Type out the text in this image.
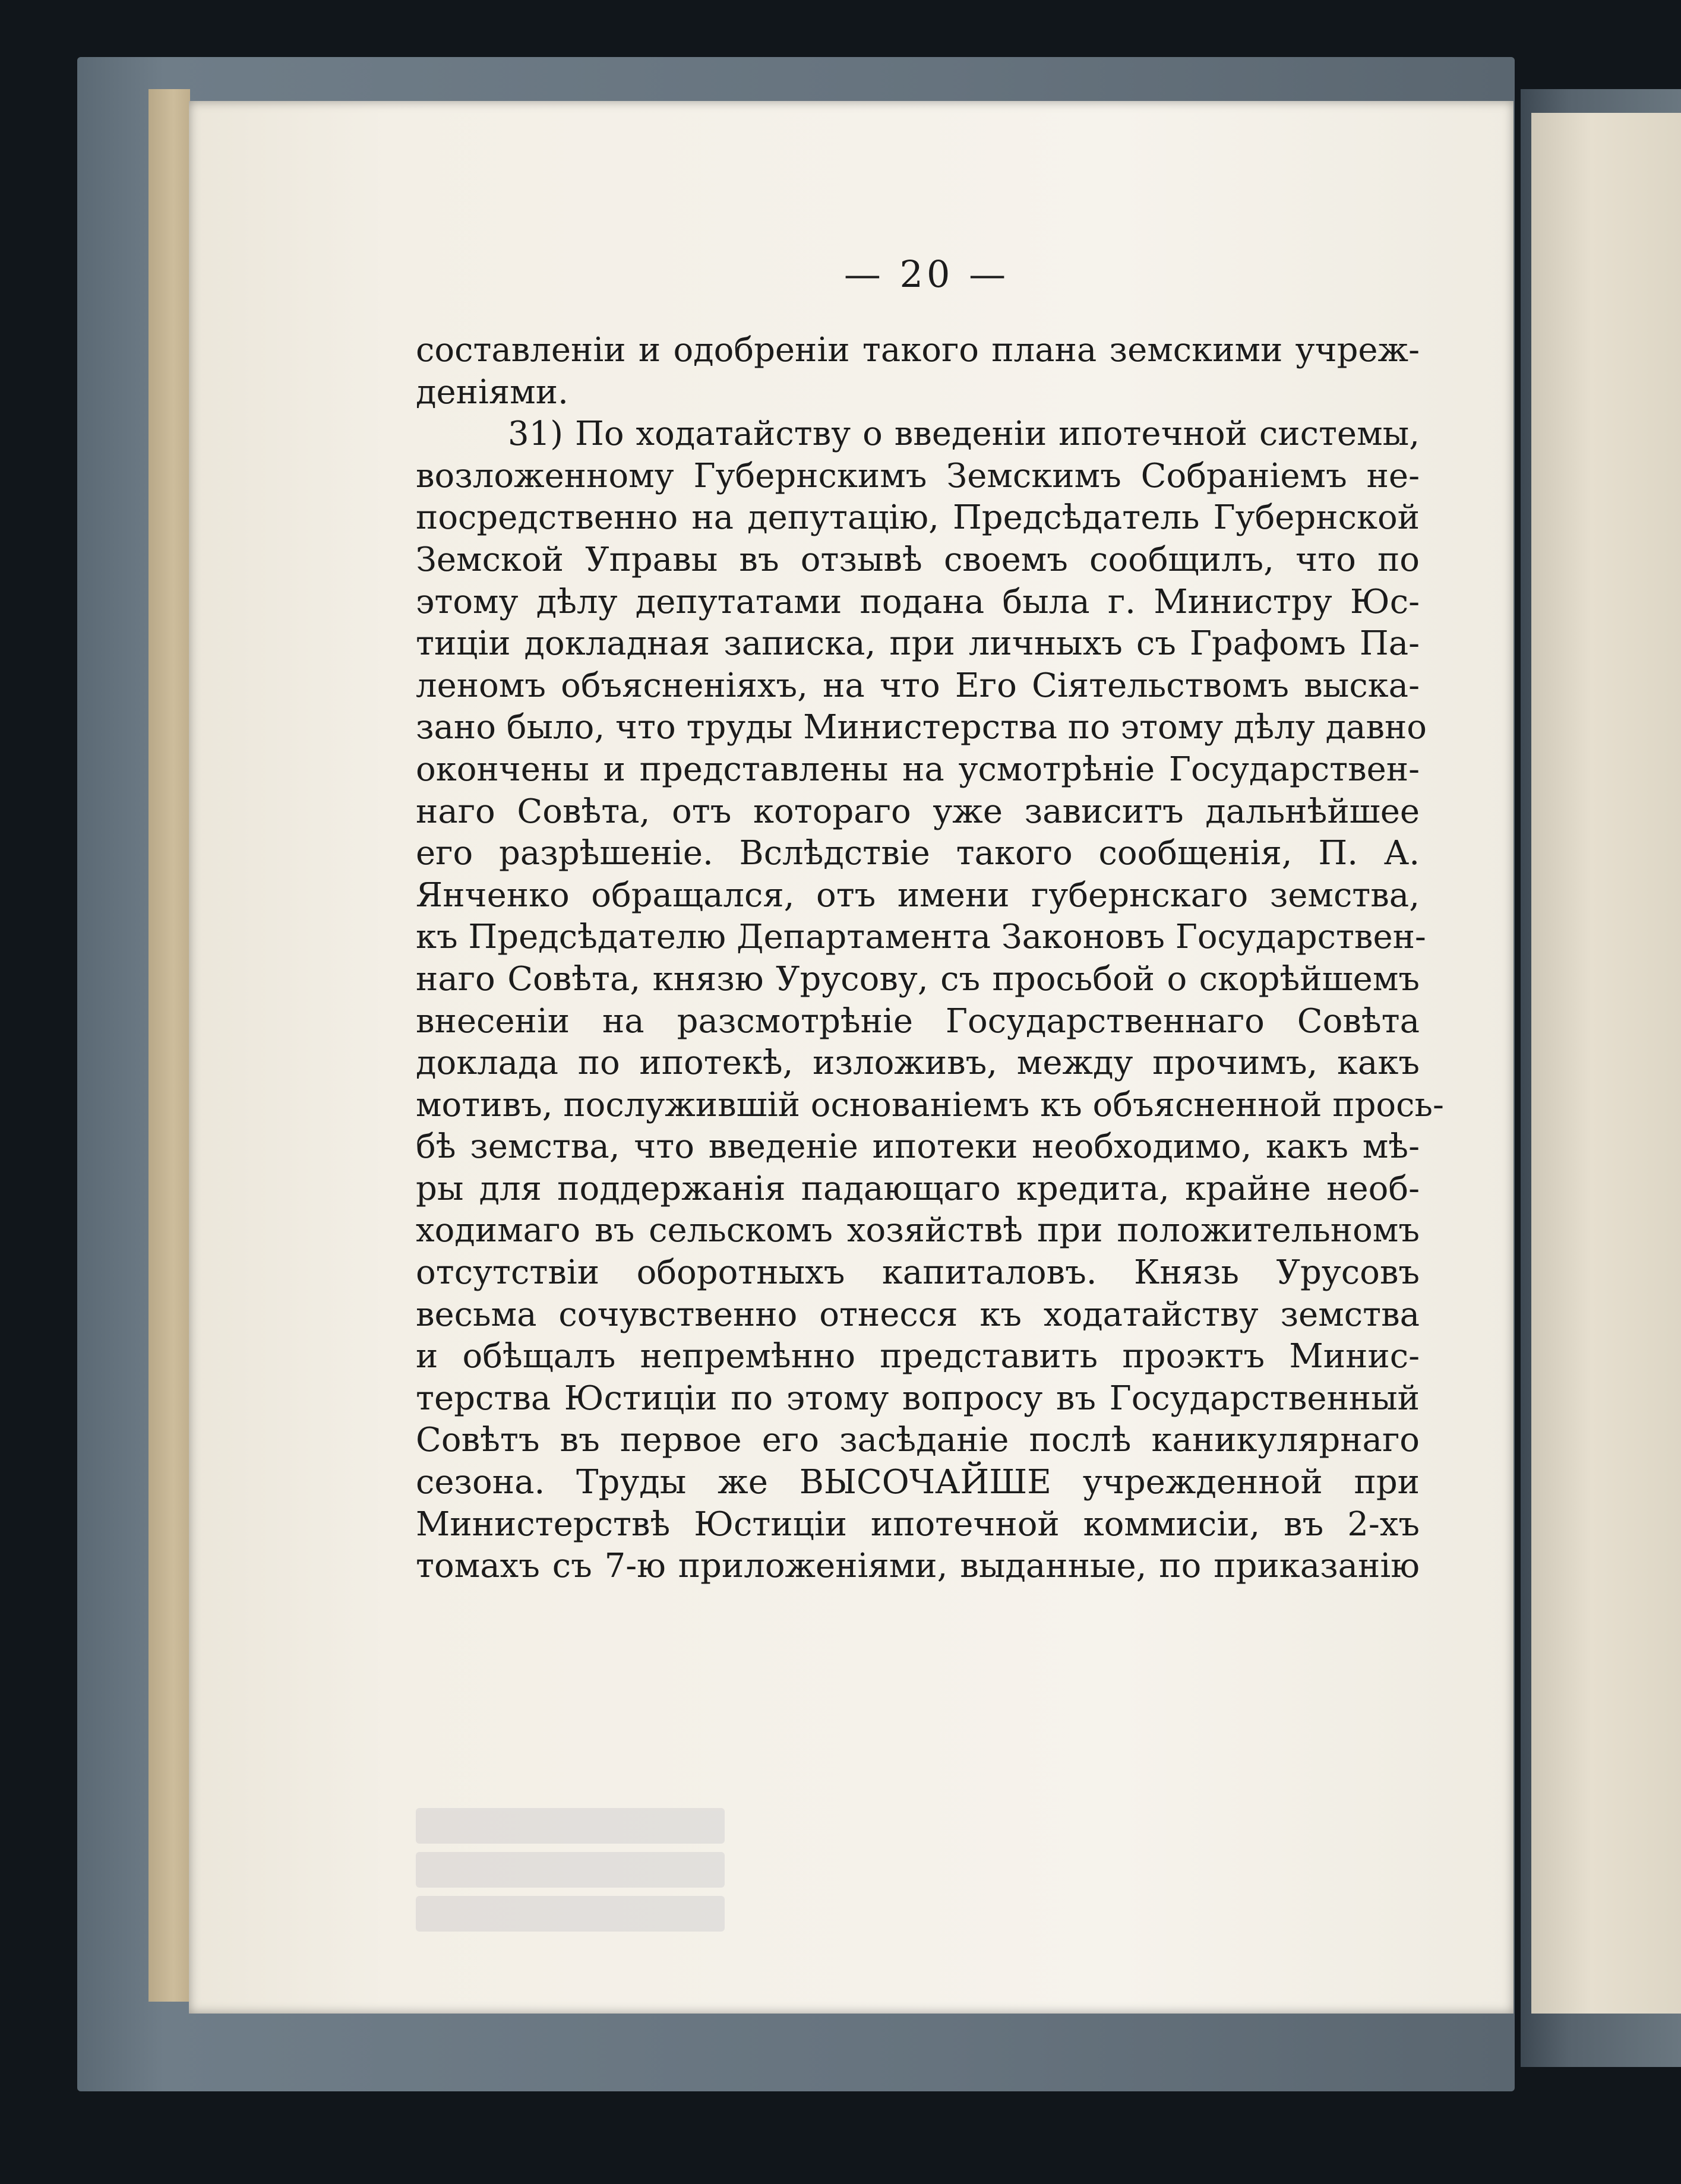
— 20 —
составленіи и одобреніи такого плана земскими учреж-
деніями.
31) По ходатайству о введеніи ипотечной системы,
возложенному Губернскимъ Земскимъ Собраніемъ не-
посредственно на депутацію, Предсѣдатель Губернской
Земской Управы въ отзывѣ своемъ сообщилъ, что по
этому дѣлу депутатами подана была г. Министру Юс-
тиціи докладная записка, при личныхъ съ Графомъ Па-
леномъ объясненіяхъ, на что Его Сіятельствомъ выска-
зано было, что труды Министерства по этому дѣлу давно
окончены и представлены на усмотрѣніе Государствен-
наго Совѣта, отъ котораго уже зависитъ дальнѣйшее
его разрѣшеніе. Вслѣдствіе такого сообщенія, П. А.
Янченко обращался, отъ имени губернскаго земства,
къ Предсѣдателю Департамента Законовъ Государствен-
наго Совѣта, князю Урусову, съ просьбой о скорѣйшемъ
внесеніи на разсмотрѣніе Государственнаго Совѣта
доклада по ипотекѣ, изложивъ, между прочимъ, какъ
мотивъ, послужившій основаніемъ къ объясненной прось-
бѣ земства, что введеніе ипотеки необходимо, какъ мѣ-
ры для поддержанія падающаго кредита, крайне необ-
ходимаго въ сельскомъ хозяйствѣ при положительномъ
отсутствіи оборотныхъ капиталовъ. Князь Урусовъ
весьма сочувственно отнесся къ ходатайству земства
и обѣщалъ непремѣнно представить проэктъ Минис-
терства Юстиціи по этому вопросу въ Государственный
Совѣтъ въ первое его засѣданіе послѣ каникулярнаго
сезона. Труды же ВЫСОЧАЙШЕ учрежденной при
Министерствѣ Юстиціи ипотечной коммисіи, въ 2-хъ
томахъ съ 7-ю приложеніями, выданные, по приказанію
